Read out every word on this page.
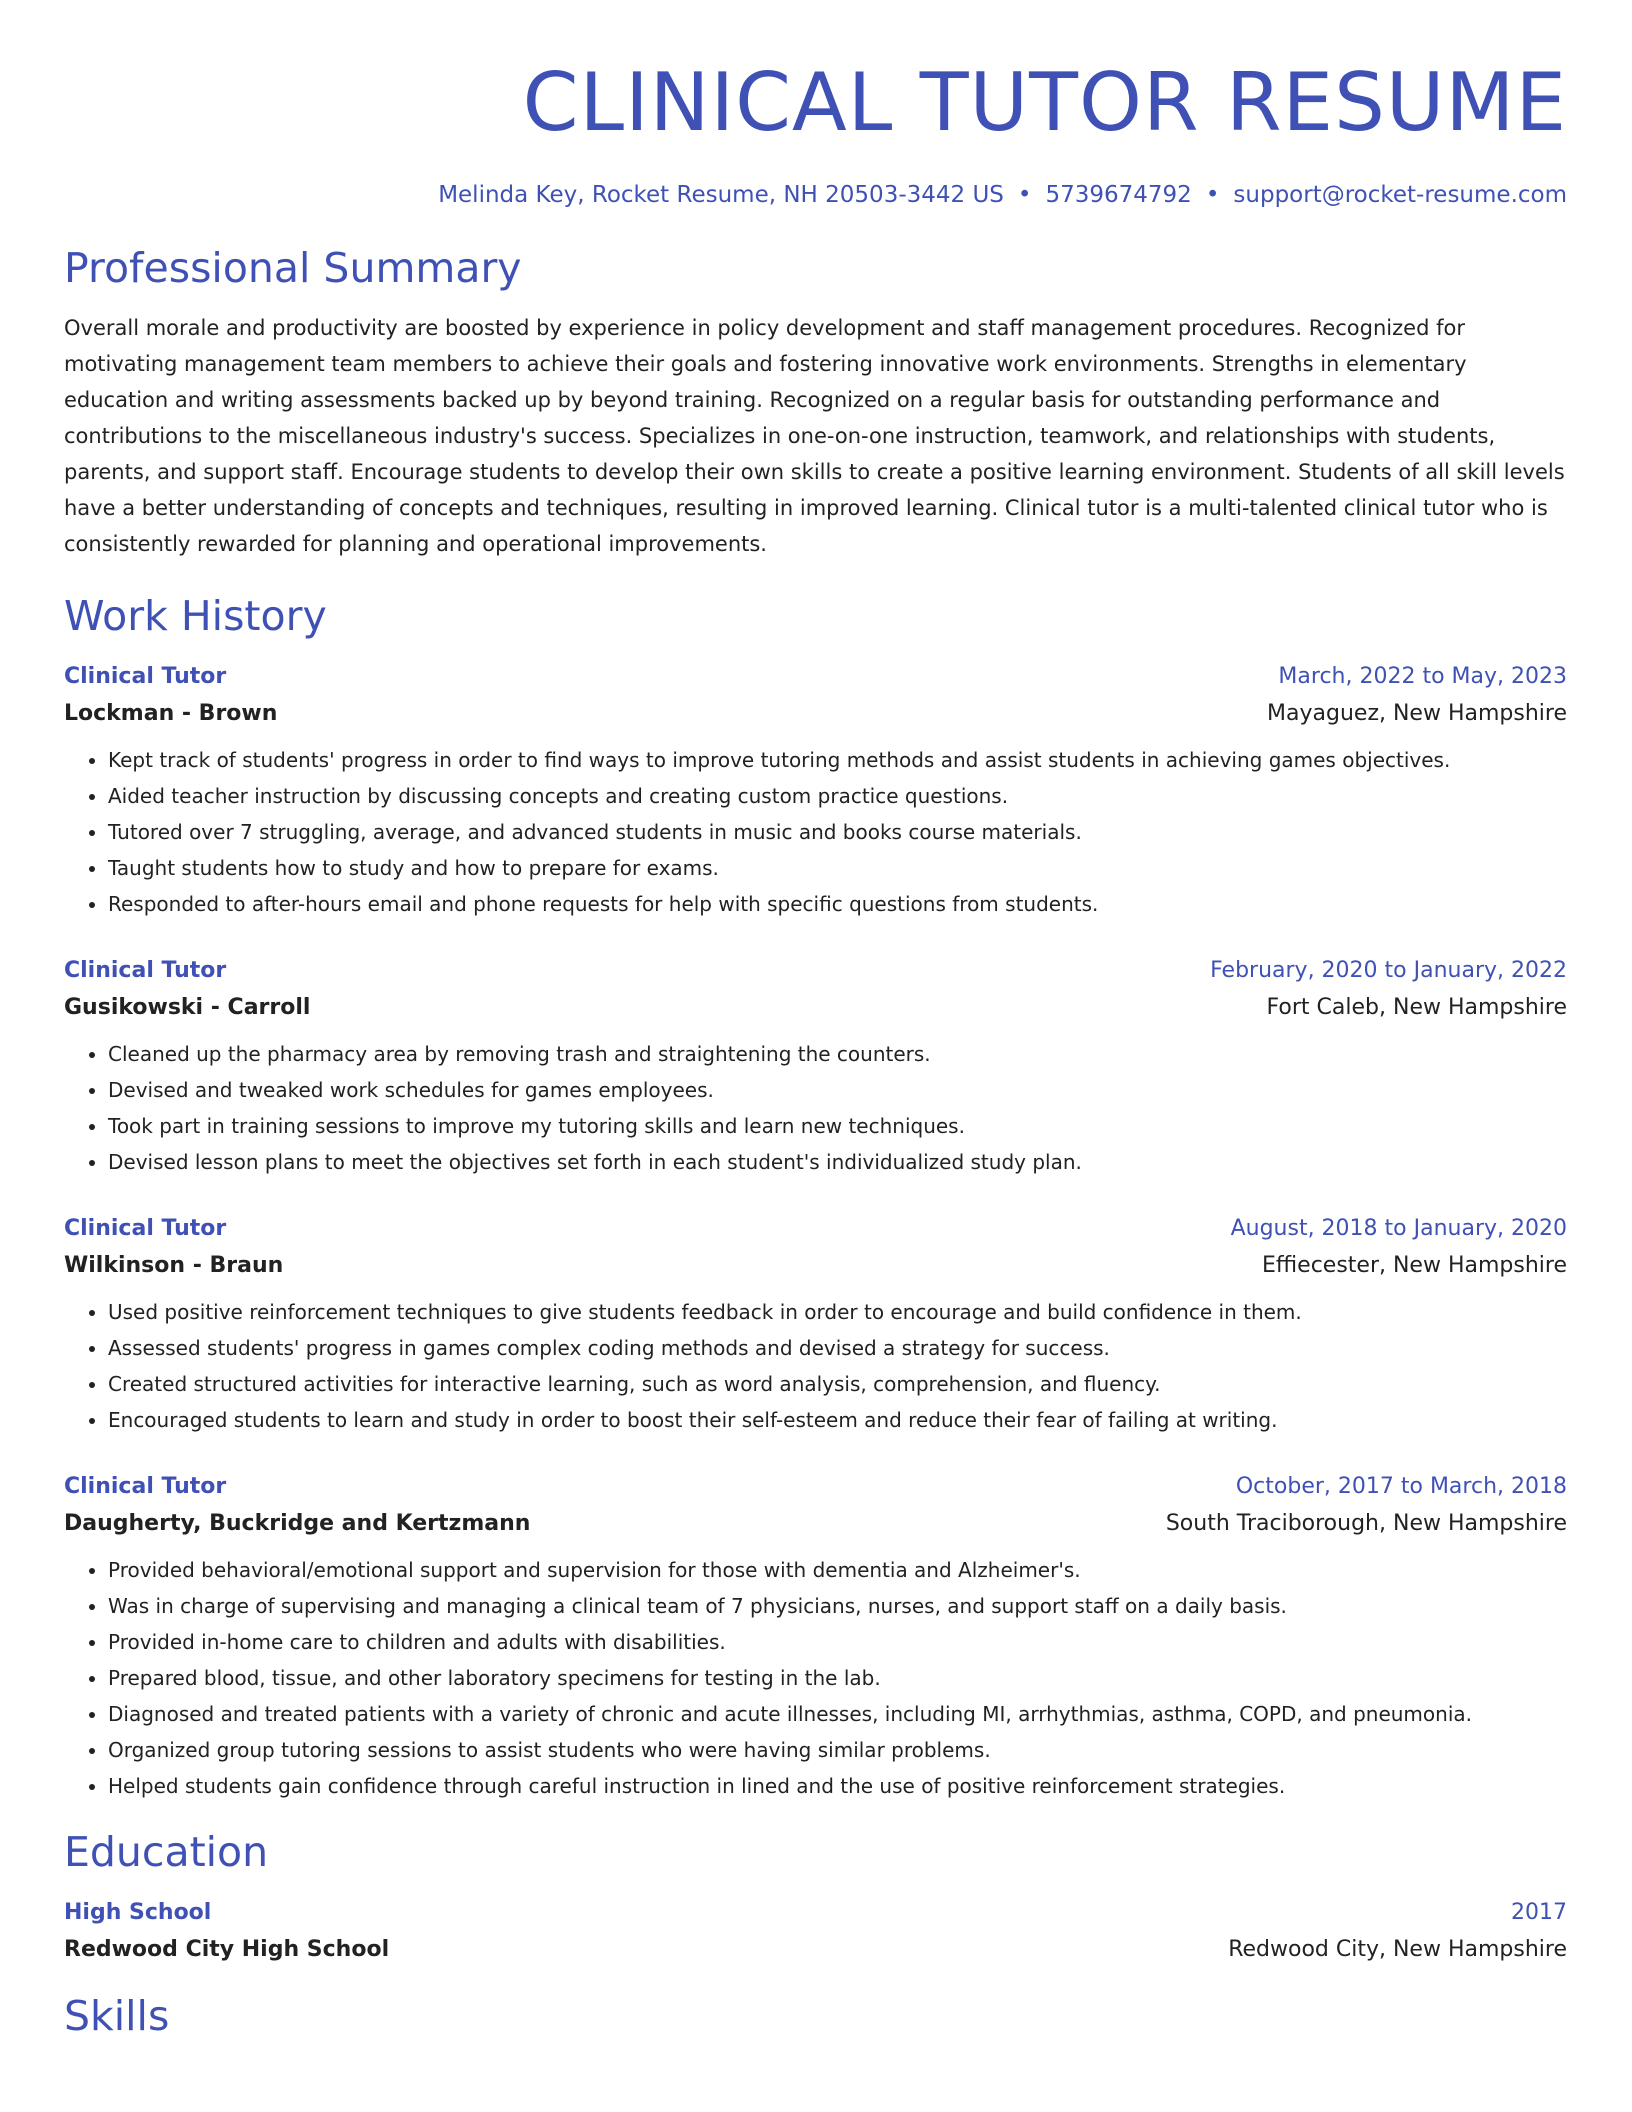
CLINICAL TUTOR RESUME
Melinda Key, Rocket Resume, NH 20503-3442 US • 5739674792 • support@rocket-resume.com
Professional Summary
Overall morale and productivity are boosted by experience in policy development and staff management procedures. Recognized for motivating management team members to achieve their goals and fostering innovative work environments. Strengths in elementary education and writing assessments backed up by beyond training. Recognized on a regular basis for outstanding performance and contributions to the miscellaneous industry's success. Specializes in one-on-one instruction, teamwork, and relationships with students, parents, and support staff. Encourage students to develop their own skills to create a positive learning environment. Students of all skill levels have a better understanding of concepts and techniques, resulting in improved learning. Clinical tutor is a multi-talented clinical tutor who is consistently rewarded for planning and operational improvements.
Work History
Clinical Tutor	March, 2022 to May, 2023
Lockman - Brown	Mayaguez, New Hampshire
• Kept track of students' progress in order to find ways to improve tutoring methods and assist students in achieving games objectives.
• Aided teacher instruction by discussing concepts and creating custom practice questions.
• Tutored over 7 struggling, average, and advanced students in music and books course materials.
• Taught students how to study and how to prepare for exams.
• Responded to after-hours email and phone requests for help with specific questions from students.
Clinical Tutor	February, 2020 to January, 2022
Gusikowski - Carroll	Fort Caleb, New Hampshire
• Cleaned up the pharmacy area by removing trash and straightening the counters.
• Devised and tweaked work schedules for games employees.
• Took part in training sessions to improve my tutoring skills and learn new techniques.
• Devised lesson plans to meet the objectives set forth in each student's individualized study plan.
Clinical Tutor	August, 2018 to January, 2020
Wilkinson - Braun	Effiecester, New Hampshire
• Used positive reinforcement techniques to give students feedback in order to encourage and build confidence in them.
• Assessed students' progress in games complex coding methods and devised a strategy for success.
• Created structured activities for interactive learning, such as word analysis, comprehension, and fluency.
• Encouraged students to learn and study in order to boost their self-esteem and reduce their fear of failing at writing.
Clinical Tutor	October, 2017 to March, 2018
Daugherty, Buckridge and Kertzmann	South Traciborough, New Hampshire
• Provided behavioral/emotional support and supervision for those with dementia and Alzheimer's.
• Was in charge of supervising and managing a clinical team of 7 physicians, nurses, and support staff on a daily basis.
• Provided in-home care to children and adults with disabilities.
• Prepared blood, tissue, and other laboratory specimens for testing in the lab.
• Diagnosed and treated patients with a variety of chronic and acute illnesses, including MI, arrhythmias, asthma, COPD, and pneumonia.
• Organized group tutoring sessions to assist students who were having similar problems.
• Helped students gain confidence through careful instruction in lined and the use of positive reinforcement strategies.
Education
High School	2017
Redwood City High School	Redwood City, New Hampshire
Skills
